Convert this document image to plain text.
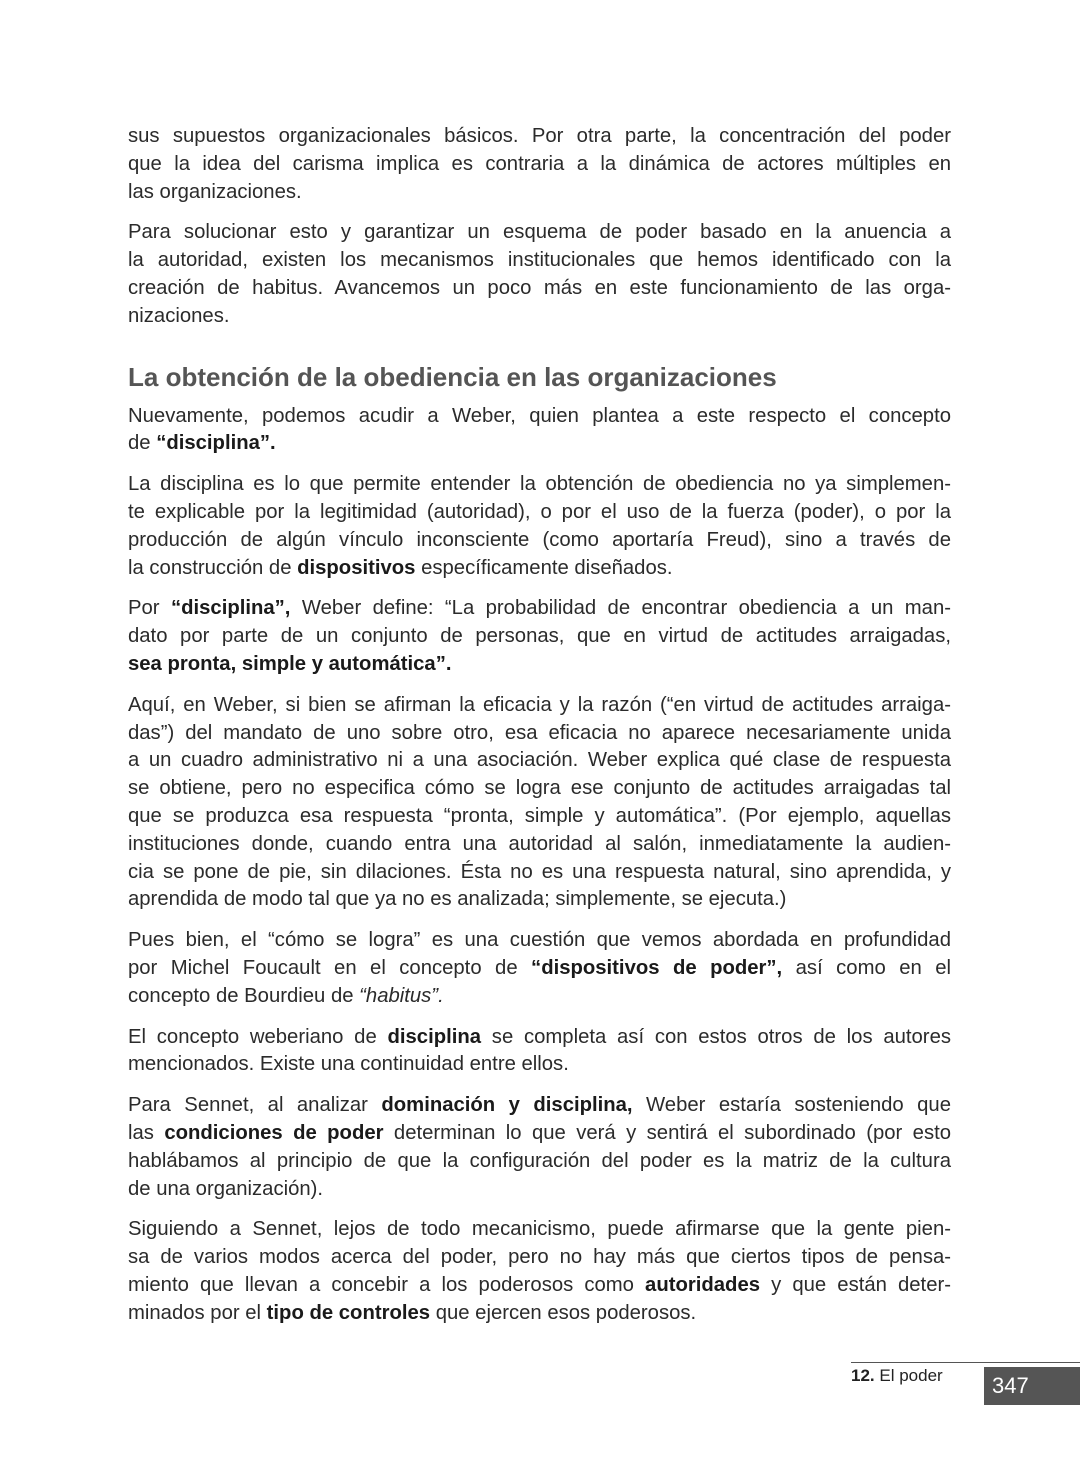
sus supuestos organizacionales básicos. Por otra parte, la concentración del poder
que la idea del carisma implica es contraria a la dinámica de actores múltiples en
las organizaciones.
Para solucionar esto y garantizar un esquema de poder basado en la anuencia a
la autoridad, existen los mecanismos institucionales que hemos identificado con la
creación de habitus. Avancemos un poco más en este funcionamiento de las orga-
nizaciones.
La obtención de la obediencia en las organizaciones
Nuevamente, podemos acudir a Weber, quien plantea a este respecto el concepto
de “disciplina”.
La disciplina es lo que permite entender la obtención de obediencia no ya simplemen-
te explicable por la legitimidad (autoridad), o por el uso de la fuerza (poder), o por la
producción de algún vínculo inconsciente (como aportaría Freud), sino a través de
la construcción de dispositivos específicamente diseñados.
Por “disciplina”, Weber define: “La probabilidad de encontrar obediencia a un man-
dato por parte de un conjunto de personas, que en virtud de actitudes arraigadas,
sea pronta, simple y automática”.
Aquí, en Weber, si bien se afirman la eficacia y la razón (“en virtud de actitudes arraiga-
das”) del mandato de uno sobre otro, esa eficacia no aparece necesariamente unida
a un cuadro administrativo ni a una asociación. Weber explica qué clase de respuesta
se obtiene, pero no especifica cómo se logra ese conjunto de actitudes arraigadas tal
que se produzca esa respuesta “pronta, simple y automática”. (Por ejemplo, aquellas
instituciones donde, cuando entra una autoridad al salón, inmediatamente la audien-
cia se pone de pie, sin dilaciones. Ésta no es una respuesta natural, sino aprendida, y
aprendida de modo tal que ya no es analizada; simplemente, se ejecuta.)
Pues bien, el “cómo se logra” es una cuestión que vemos abordada en profundidad
por Michel Foucault en el concepto de “dispositivos de poder”, así como en el
concepto de Bourdieu de “habitus”.
El concepto weberiano de disciplina se completa así con estos otros de los autores
mencionados. Existe una continuidad entre ellos.
Para Sennet, al analizar dominación y disciplina, Weber estaría sosteniendo que
las condiciones de poder determinan lo que verá y sentirá el subordinado (por esto
hablábamos al principio de que la configuración del poder es la matriz de la cultura
de una organización).
Siguiendo a Sennet, lejos de todo mecanicismo, puede afirmarse que la gente pien-
sa de varios modos acerca del poder, pero no hay más que ciertos tipos de pensa-
miento que llevan a concebir a los poderosos como autoridades y que están deter-
minados por el tipo de controles que ejercen esos poderosos.
12. El poder	347
